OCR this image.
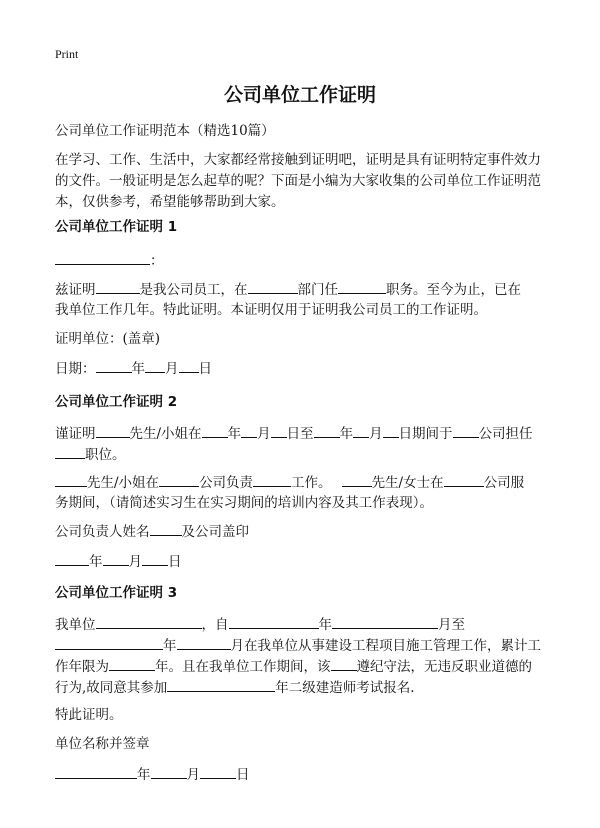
Print
公司单位工作证明
公司单位工作证明范本（精选10篇）
在学习、工作、生活中，大家都经常接触到证明吧，证明是具有证明特定事件效力的文件。一般证明是怎么起草的呢？下面是小编为大家收集的公司单位工作证明范本，仅供参考，希望能够帮助到大家。
公司单位工作证明 1
：
兹证明	是我公司员工，在	部门任	职务。至今为止，已在
我单位工作几年。特此证明。本证明仅用于证明我公司员工的工作证明。
证明单位：(盖章)
日期：	年 月 日
公司单位工作证明 2
谨证明	先生/小姐在 年 月 日至 年 月 日期间于 公司担任
职位。
先生/小姐在	公司负责	工作。	先生/女士在	公司服
务期间，（请简述实习生在实习期间的培训内容及其工作表现）。
公司负责人姓名 及公司盖印
年 月 日
公司单位工作证明 3
我单位	，自	年	月至
年	月在我单位从事建设工程项目施工管理工作，累计工
作年限为	年。且在我单位工作期间，该 遵纪守法，无违反职业道德的
行为,故同意其参加	年二级建造师考试报名.
特此证明。
单位名称并签章
年	月	日
